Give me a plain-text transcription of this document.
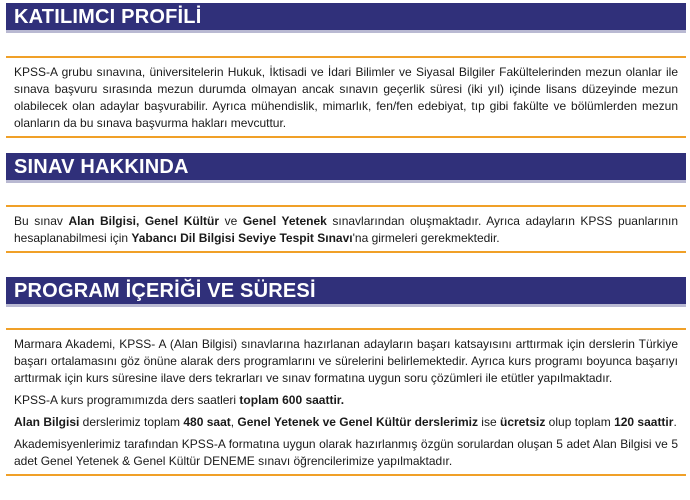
KATILIMCI PROFİLİ

KPSS-A grubu sınavına, üniversitelerin Hukuk, İktisadi ve İdari Bilimler ve Siyasal Bilgiler Fakültelerinden mezun olanlar ile sınava başvuru sırasında mezun durumda olmayan ancak sınavın geçerlik süresi (iki yıl) içinde lisans düzeyinde mezun olabilecek olan adaylar başvurabilir. Ayrıca mühendislik, mimarlık, fen/fen edebiyat, tıp gibi fakülte ve bölümlerden mezun olanların da bu sınava başvurma hakları mevcuttur.

SINAV HAKKINDA

Bu sınav Alan Bilgisi, Genel Kültür ve Genel Yetenek sınavlarından oluşmaktadır. Ayrıca adayların KPSS puanlarının hesaplanabilmesi için Yabancı Dil Bilgisi Seviye Tespit Sınavı'na girmeleri gerekmektedir.

PROGRAM İÇERİĞİ VE SÜRESİ

Marmara Akademi, KPSS- A (Alan Bilgisi) sınavlarına hazırlanan adayların başarı katsayısını arttırmak için derslerin Türkiye başarı ortalamasını göz önüne alarak ders programlarını ve sürelerini belirlemektedir. Ayrıca kurs programı boyunca başarıyı arttırmak için kurs süresine ilave ders tekrarları ve sınav formatına uygun soru çözümleri ile etütler yapılmaktadır.

KPSS-A kurs programımızda ders saatleri toplam 600 saattir.

Alan Bilgisi derslerimiz toplam 480 saat, Genel Yetenek ve Genel Kültür derslerimiz ise ücretsiz olup toplam 120 saattir.

Akademisyenlerimiz tarafından KPSS-A formatına uygun olarak hazırlanmış özgün sorulardan oluşan 5 adet Alan Bilgisi ve 5 adet Genel Yetenek & Genel Kültür DENEME sınavı öğrencilerimize yapılmaktadır.
